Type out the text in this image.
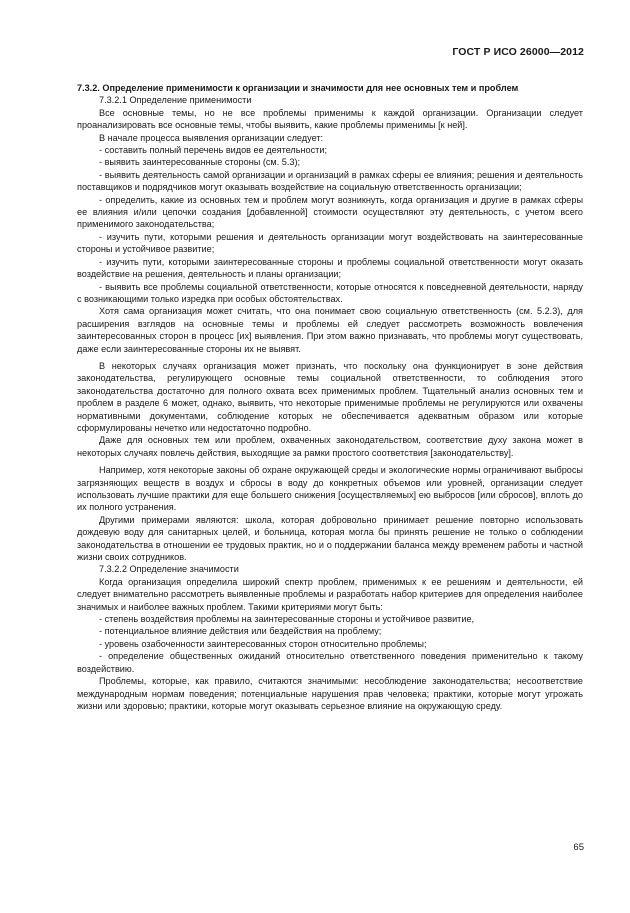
ГОСТ Р ИСО 26000—2012
7.3.2. Определение применимости к организации и значимости для нее основных тем и проблем
7.3.2.1 Определение применимости
Все основные темы, но не все проблемы применимы к каждой организации. Организации следует проанализировать все основные темы, чтобы выявить, какие проблемы применимы [к ней].
В начале процесса выявления организации следует:
- составить полный перечень видов ее деятельности;
- выявить заинтересованные стороны (см. 5.3);
- выявить деятельность самой организации и организаций в рамках сферы ее влияния; решения и деятельность поставщиков и подрядчиков могут оказывать воздействие на социальную ответственность организации;
- определить, какие из основных тем и проблем могут возникнуть, когда организация и другие в рамках сферы ее влияния и/или цепочки создания [добавленной] стоимости осуществляют эту деятельность, с учетом всего применимого законодательства;
- изучить пути, которыми решения и деятельность организации могут воздействовать на заинтересованные стороны и устойчивое развитие;
- изучить пути, которыми заинтересованные стороны и проблемы социальной ответственности могут оказать воздействие на решения, деятельность и планы организации;
- выявить все проблемы социальной ответственности, которые относятся к повседневной деятельности, наряду с возникающими только изредка при особых обстоятельствах.
Хотя сама организация может считать, что она понимает свою социальную ответственность (см. 5.2.3), для расширения взглядов на основные темы и проблемы ей следует рассмотреть возможность вовлечения заинтересованных сторон в процесс [их] выявления. При этом важно признавать, что проблемы могут существовать, даже если заинтересованные стороны их не выявят.
В некоторых случаях организация может признать, что поскольку она функционирует в зоне действия законодательства, регулирующего основные темы социальной ответственности, то соблюдения этого законодательства достаточно для полного охвата всех применимых проблем. Тщательный анализ основных тем и проблем в разделе 6 может, однако, выявить, что некоторые применимые проблемы не регулируются или охвачены нормативными документами, соблюдение которых не обеспечивается адекватным образом или которые сформулированы нечетко или недостаточно подробно.
Даже для основных тем или проблем, охваченных законодательством, соответствие духу закона может в некоторых случаях повлечь действия, выходящие за рамки простого соответствия [законодательству].
Например, хотя некоторые законы об охране окружающей среды и экологические нормы ограничивают выбросы загрязняющих веществ в воздух и сбросы в воду до конкретных объемов или уровней, организации следует использовать лучшие практики для еще большего снижения [осуществляемых] ею выбросов [или сбросов], вплоть до их полного устранения.
Другими примерами являются: школа, которая добровольно принимает решение повторно использовать дождевую воду для санитарных целей, и больница, которая могла бы принять решение не только о соблюдении законодательства в отношении ее трудовых практик, но и о поддержании баланса между временем работы и частной жизни своих сотрудников.
7.3.2.2 Определение значимости
Когда организация определила широкий спектр проблем, применимых к ее решениям и деятельности, ей следует внимательно рассмотреть выявленные проблемы и разработать набор критериев для определения наиболее значимых и наиболее важных проблем. Такими критериями могут быть:
- степень воздействия проблемы на заинтересованные стороны и устойчивое развитие,
- потенциальное влияние действия или бездействия на проблему;
- уровень озабоченности заинтересованных сторон относительно проблемы;
- определение общественных ожиданий относительно ответственного поведения применительно к такому воздействию.
Проблемы, которые, как правило, считаются значимыми: несоблюдение законодательства; несоответствие международным нормам поведения; потенциальные нарушения прав человека; практики, которые могут угрожать жизни или здоровью; практики, которые могут оказывать серьезное влияние на окружающую среду.
65
